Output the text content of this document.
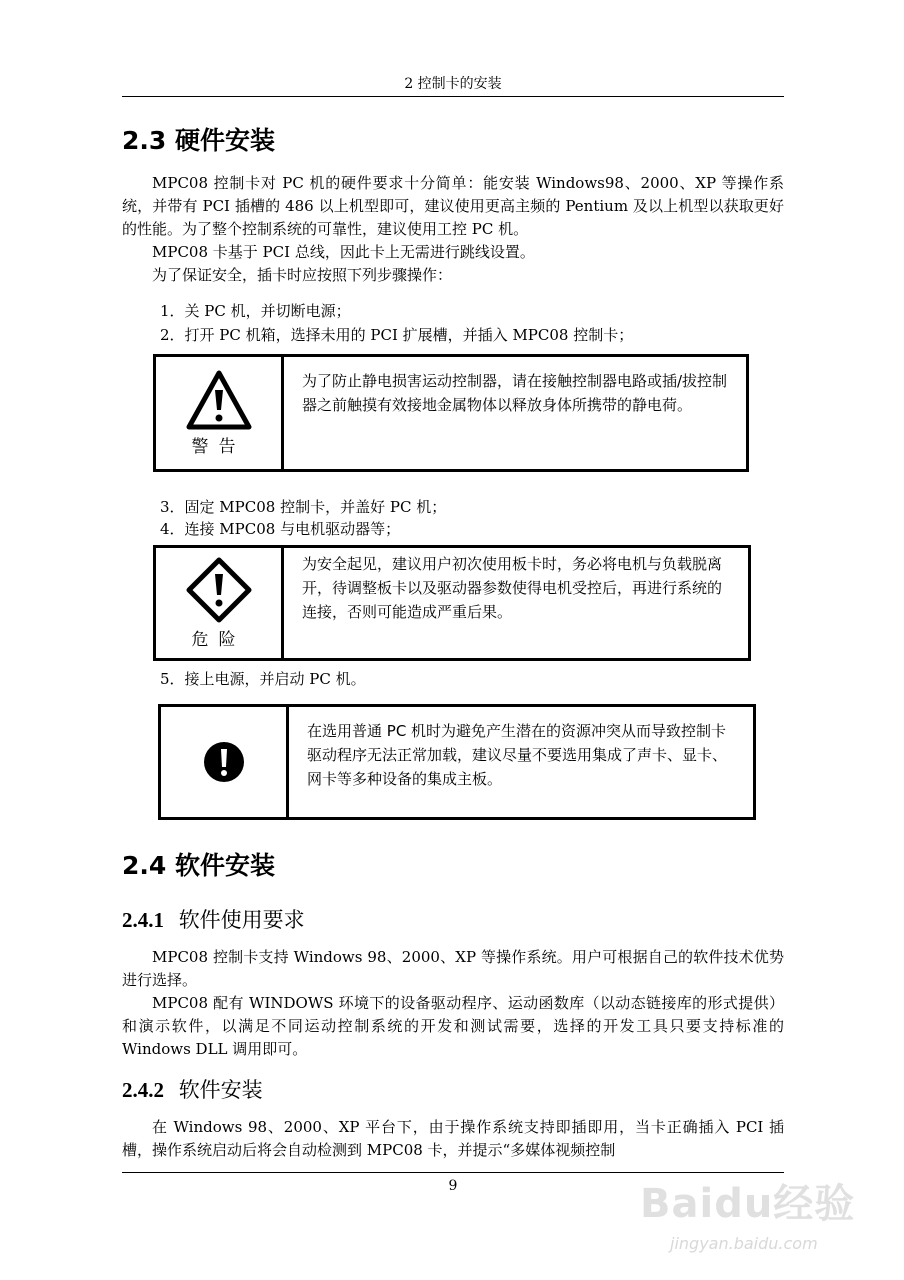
2 控制卡的安装
2.3 硬件安装

MPC08 控制卡对 PC 机的硬件要求十分简单：能安装 Windows98、2000、XP 等操作系统，并带有 PCI 插槽的 486 以上机型即可，建议使用更高主频的 Pentium 及以上机型以获取更好的性能。为了整个控制系统的可靠性，建议使用工控 PC 机。

MPC08 卡基于 PCI 总线，因此卡上无需进行跳线设置。

为了保证安全，插卡时应按照下列步骤操作：

1．关 PC 机，并切断电源；
2．打开 PC 机箱，选择未用的 PCI 扩展槽，并插入 MPC08 控制卡；
警告
为了防止静电损害运动控制器，请在接触控制器电路或插/拔控制器之前触摸有效接地金属物体以释放身体所携带的静电荷。
3．固定 MPC08 控制卡，并盖好 PC 机；
4．连接 MPC08 与电机驱动器等；
危险
为安全起见，建议用户初次使用板卡时，务必将电机与负载脱离开，待调整板卡以及驱动器参数使得电机受控后，再进行系统的连接，否则可能造成严重后果。
5．接上电源，并启动 PC 机。
在选用普通 PC 机时为避免产生潜在的资源冲突从而导致控制卡驱动程序无法正常加载，建议尽量不要选用集成了声卡、显卡、网卡等多种设备的集成主板。
2.4 软件安装
2.4.1 软件使用要求

MPC08 控制卡支持 Windows 98、2000、XP 等操作系统。用户可根据自己的软件技术优势进行选择。

MPC08 配有 WINDOWS 环境下的设备驱动程序、运动函数库（以动态链接库的形式提供）和演示软件，以满足不同运动控制系统的开发和测试需要，选择的开发工具只要支持标准的 Windows DLL 调用即可。

2.4.2 软件安装

在 Windows 98、2000、XP 平台下，由于操作系统支持即插即用，当卡正确插入 PCI 插槽，操作系统启动后将会自动检测到 MPC08 卡，并提示“多媒体视频控制

9	Baidu经验
jingyan.baidu.com
